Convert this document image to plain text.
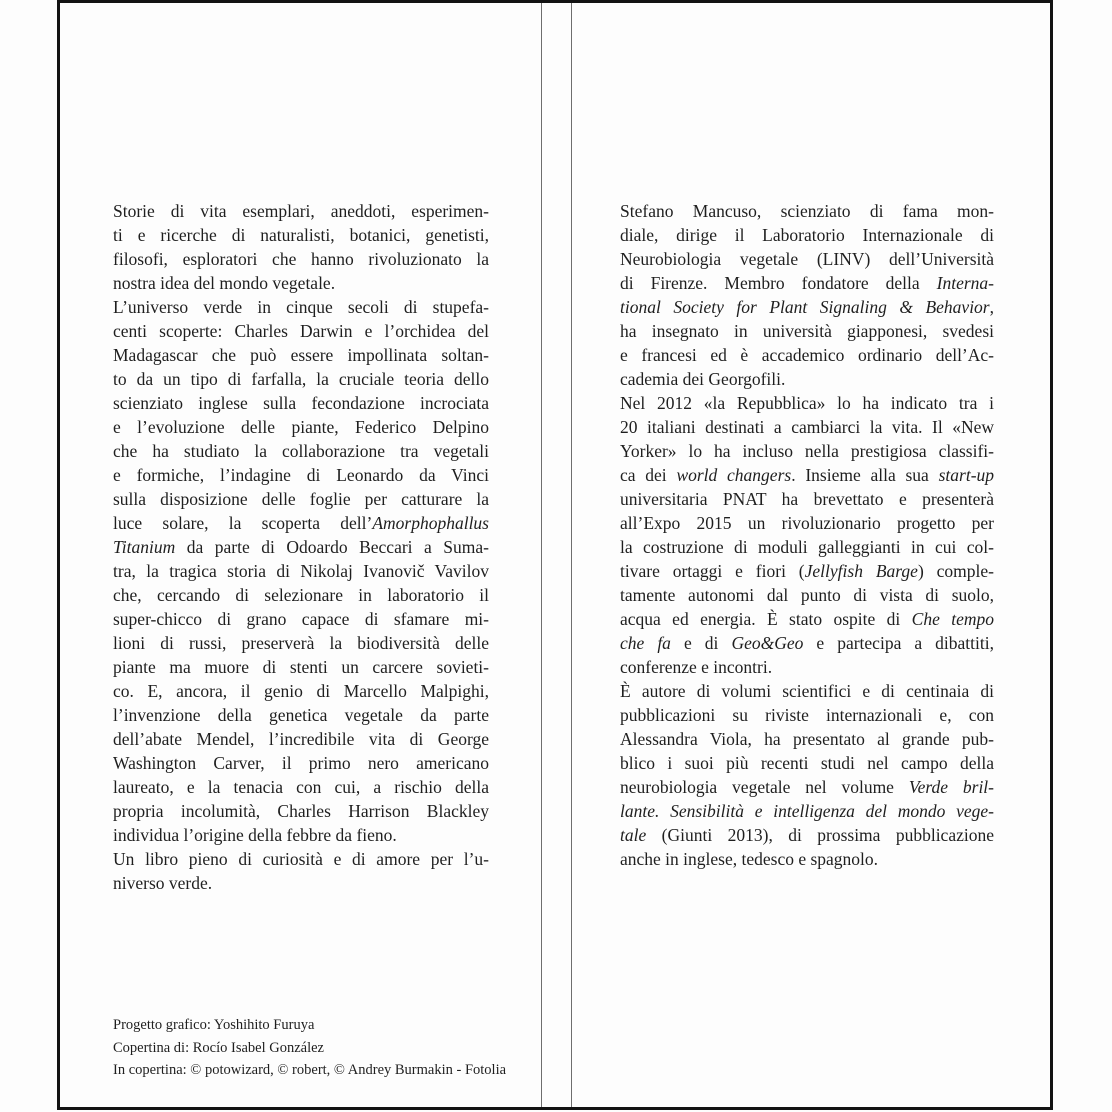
Storie di vita esemplari, aneddoti, esperimen-
ti e ricerche di naturalisti, botanici, genetisti,
filosofi, esploratori che hanno rivoluzionato la
nostra idea del mondo vegetale.
L’universo verde in cinque secoli di stupefa-
centi scoperte: Charles Darwin e l’orchidea del
Madagascar che può essere impollinata soltan-
to da un tipo di farfalla, la cruciale teoria dello
scienziato inglese sulla fecondazione incrociata
e l’evoluzione delle piante, Federico Delpino
che ha studiato la collaborazione tra vegetali
e formiche, l’indagine di Leonardo da Vinci
sulla disposizione delle foglie per catturare la
luce solare, la scoperta dell’Amorphophallus
Titanium da parte di Odoardo Beccari a Suma-
tra, la tragica storia di Nikolaj Ivanovič Vavilov
che, cercando di selezionare in laboratorio il
super-chicco di grano capace di sfamare mi-
lioni di russi, preserverà la biodiversità delle
piante ma muore di stenti un carcere sovieti-
co. E, ancora, il genio di Marcello Malpighi,
l’invenzione della genetica vegetale da parte
dell’abate Mendel, l’incredibile vita di George
Washington Carver, il primo nero americano
laureato, e la tenacia con cui, a rischio della
propria incolumità, Charles Harrison Blackley
individua l’origine della febbre da fieno.
Un libro pieno di curiosità e di amore per l’u-
niverso verde.
Progetto grafico: Yoshihito Furuya
Copertina di: Rocío Isabel González
In copertina: © potowizard, © robert, © Andrey Burmakin - Fotolia
Stefano Mancuso, scienziato di fama mon-
diale, dirige il Laboratorio Internazionale di
Neurobiologia vegetale (LINV) dell’Università
di Firenze. Membro fondatore della Interna-
tional Society for Plant Signaling & Behavior,
ha insegnato in università giapponesi, svedesi
e francesi ed è accademico ordinario dell’Ac-
cademia dei Georgofili.
Nel 2012 «la Repubblica» lo ha indicato tra i
20 italiani destinati a cambiarci la vita. Il «New
Yorker» lo ha incluso nella prestigiosa classifi-
ca dei world changers. Insieme alla sua start-up
universitaria PNAT ha brevettato e presenterà
all’Expo 2015 un rivoluzionario progetto per
la costruzione di moduli galleggianti in cui col-
tivare ortaggi e fiori (Jellyfish Barge) comple-
tamente autonomi dal punto di vista di suolo,
acqua ed energia. È stato ospite di Che tempo
che fa e di Geo&Geo e partecipa a dibattiti,
conferenze e incontri.
È autore di volumi scientifici e di centinaia di
pubblicazioni su riviste internazionali e, con
Alessandra Viola, ha presentato al grande pub-
blico i suoi più recenti studi nel campo della
neurobiologia vegetale nel volume Verde bril-
lante. Sensibilità e intelligenza del mondo vege-
tale (Giunti 2013), di prossima pubblicazione
anche in inglese, tedesco e spagnolo.
